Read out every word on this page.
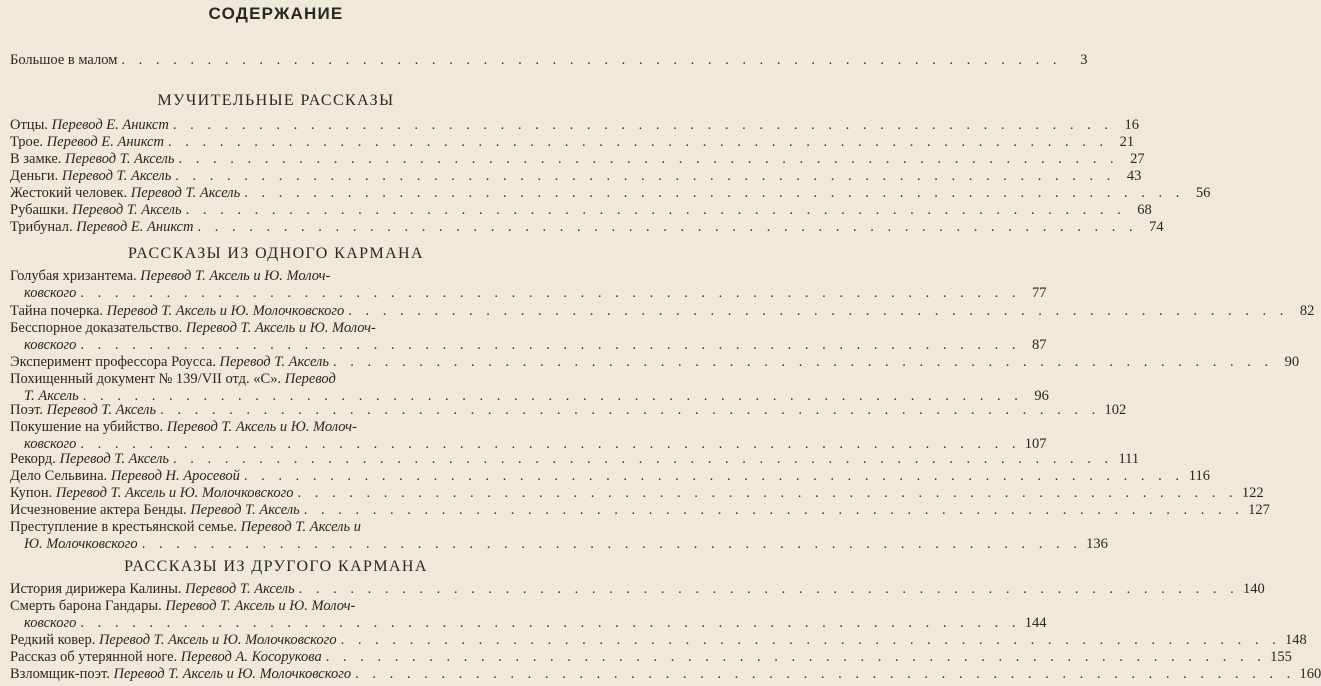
СОДЕРЖАНИЕ
Большое в малом . . .	3
МУЧИТЕЛЬНЫЕ РАССКАЗЫ
Отцы. Перевод Е. Аникст . . .	16
Трое. Перевод Е. Аникст . . .	21
В замке. Перевод Т. Аксель . . .	27
Деньги. Перевод Т. Аксель . . .	43
Жестокий человек. Перевод Т. Аксель . . .	56
Рубашки. Перевод Т. Аксель . . .	68
Трибунал. Перевод Е. Аникст . . .	74
РАССКАЗЫ ИЗ ОДНОГО КАРМАНА
Голубая хризантема. Перевод Т. Аксель и Ю. Молоч-
ковского . . .	77
Тайна почерка. Перевод Т. Аксель и Ю. Молочковского . . .	82
Бесспорное доказательство. Перевод Т. Аксель и Ю. Молоч-
ковского . . .	87
Эксперимент профессора Роусса. Перевод Т. Аксель . . .	90
Похищенный документ № 139/VII отд. «С». Перевод
Т. Аксель . . .	96
Поэт. Перевод Т. Аксель . . .	102
Покушение на убийство. Перевод Т. Аксель и Ю. Молоч-
ковского . . .	107
Рекорд. Перевод Т. Аксель . . .	111
Дело Сельвина. Перевод Н. Аросевой . . .	116
Купон. Перевод Т. Аксель и Ю. Молочковского . . .	122
Исчезновение актера Бенды. Перевод Т. Аксель . . .	127
Преступление в крестьянской семье. Перевод Т. Аксель и
Ю. Молочковского . . .	136
РАССКАЗЫ ИЗ ДРУГОГО КАРМАНА
История дирижера Калины. Перевод Т. Аксель . . .	140
Смерть барона Гандары. Перевод Т. Аксель и Ю. Молоч-
ковского . . .	144
Редкий ковер. Перевод Т. Аксель и Ю. Молочковского . . .	148
Рассказ об утерянной ноге. Перевод А. Косорукова . . .	155
Взломщик-поэт. Перевод Т. Аксель и Ю. Молочковского . . .	160
